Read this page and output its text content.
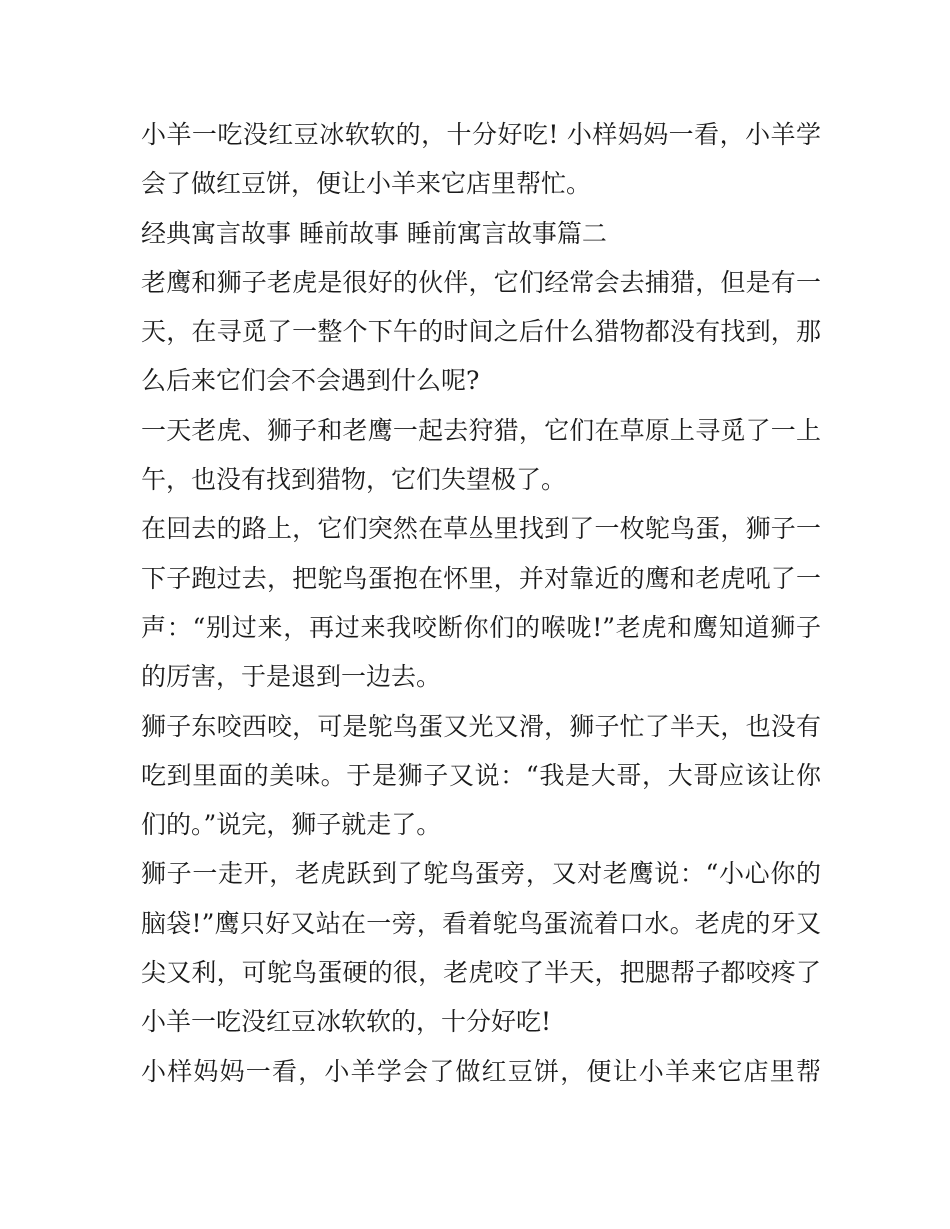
小羊一吃没红豆冰软软的，十分好吃! 小样妈妈一看，小羊学
会了做红豆饼，便让小羊来它店里帮忙。
经典寓言故事 睡前故事 睡前寓言故事篇二
老鹰和狮子老虎是很好的伙伴，它们经常会去捕猎，但是有一
天，在寻觅了一整个下午的时间之后什么猎物都没有找到，那
么后来它们会不会遇到什么呢?
一天老虎、狮子和老鹰一起去狩猎，它们在草原上寻觅了一上
午，也没有找到猎物，它们失望极了。
在回去的路上，它们突然在草丛里找到了一枚鸵鸟蛋，狮子一
下子跑过去，把鸵鸟蛋抱在怀里，并对靠近的鹰和老虎吼了一
声：“别过来，再过来我咬断你们的喉咙!”老虎和鹰知道狮子
的厉害，于是退到一边去。
狮子东咬西咬，可是鸵鸟蛋又光又滑，狮子忙了半天，也没有
吃到里面的美味。于是狮子又说：“我是大哥，大哥应该让你
们的。”说完，狮子就走了。
狮子一走开，老虎跃到了鸵鸟蛋旁，又对老鹰说：“小心你的
脑袋!”鹰只好又站在一旁，看着鸵鸟蛋流着口水。老虎的牙又
尖又利，可鸵鸟蛋硬的很，老虎咬了半天，把腮帮子都咬疼了
小羊一吃没红豆冰软软的，十分好吃!
小样妈妈一看，小羊学会了做红豆饼，便让小羊来它店里帮
